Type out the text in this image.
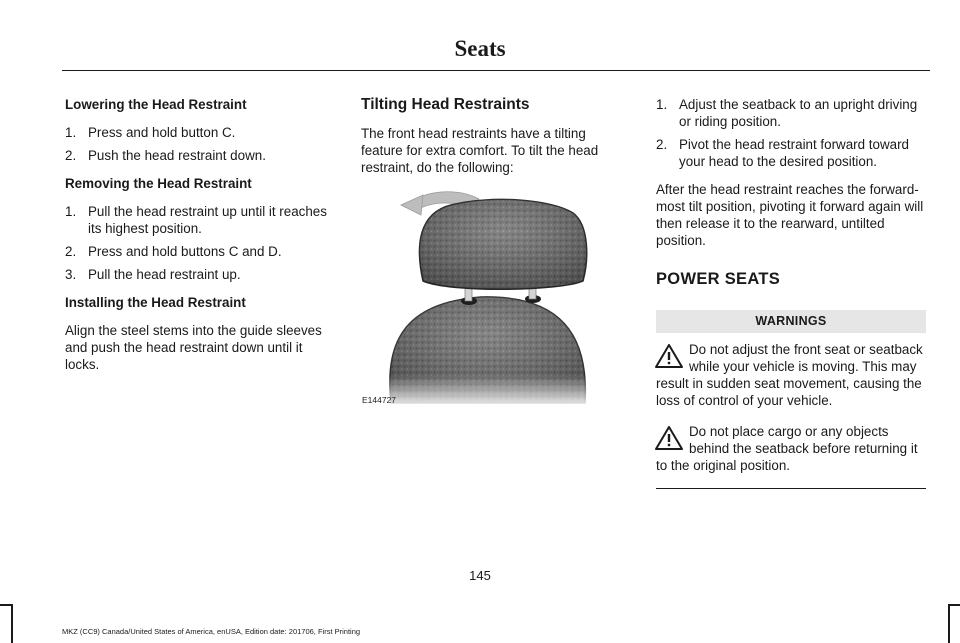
Seats
Lowering the Head Restraint
1. Press and hold button C.
2. Push the head restraint down.
Removing the Head Restraint
1. Pull the head restraint up until it reaches its highest position.
2. Press and hold buttons C and D.
3. Pull the head restraint up.
Installing the Head Restraint
Align the steel stems into the guide sleeves and push the head restraint down until it locks.
Tilting Head Restraints
The front head restraints have a tilting feature for extra comfort. To tilt the head restraint, do the following:
E144727
1. Adjust the seatback to an upright driving or riding position.
2. Pivot the head restraint forward toward your head to the desired position.
After the head restraint reaches the forward-most tilt position, pivoting it forward again will then release it to the rearward, untilted position.
POWER SEATS
WARNINGS
Do not adjust the front seat or seatback while your vehicle is moving. This may result in sudden seat movement, causing the loss of control of your vehicle.
Do not place cargo or any objects behind the seatback before returning it to the original position.
145
MKZ (CC9) Canada/United States of America, enUSA, Edition date: 201706, First Printing
